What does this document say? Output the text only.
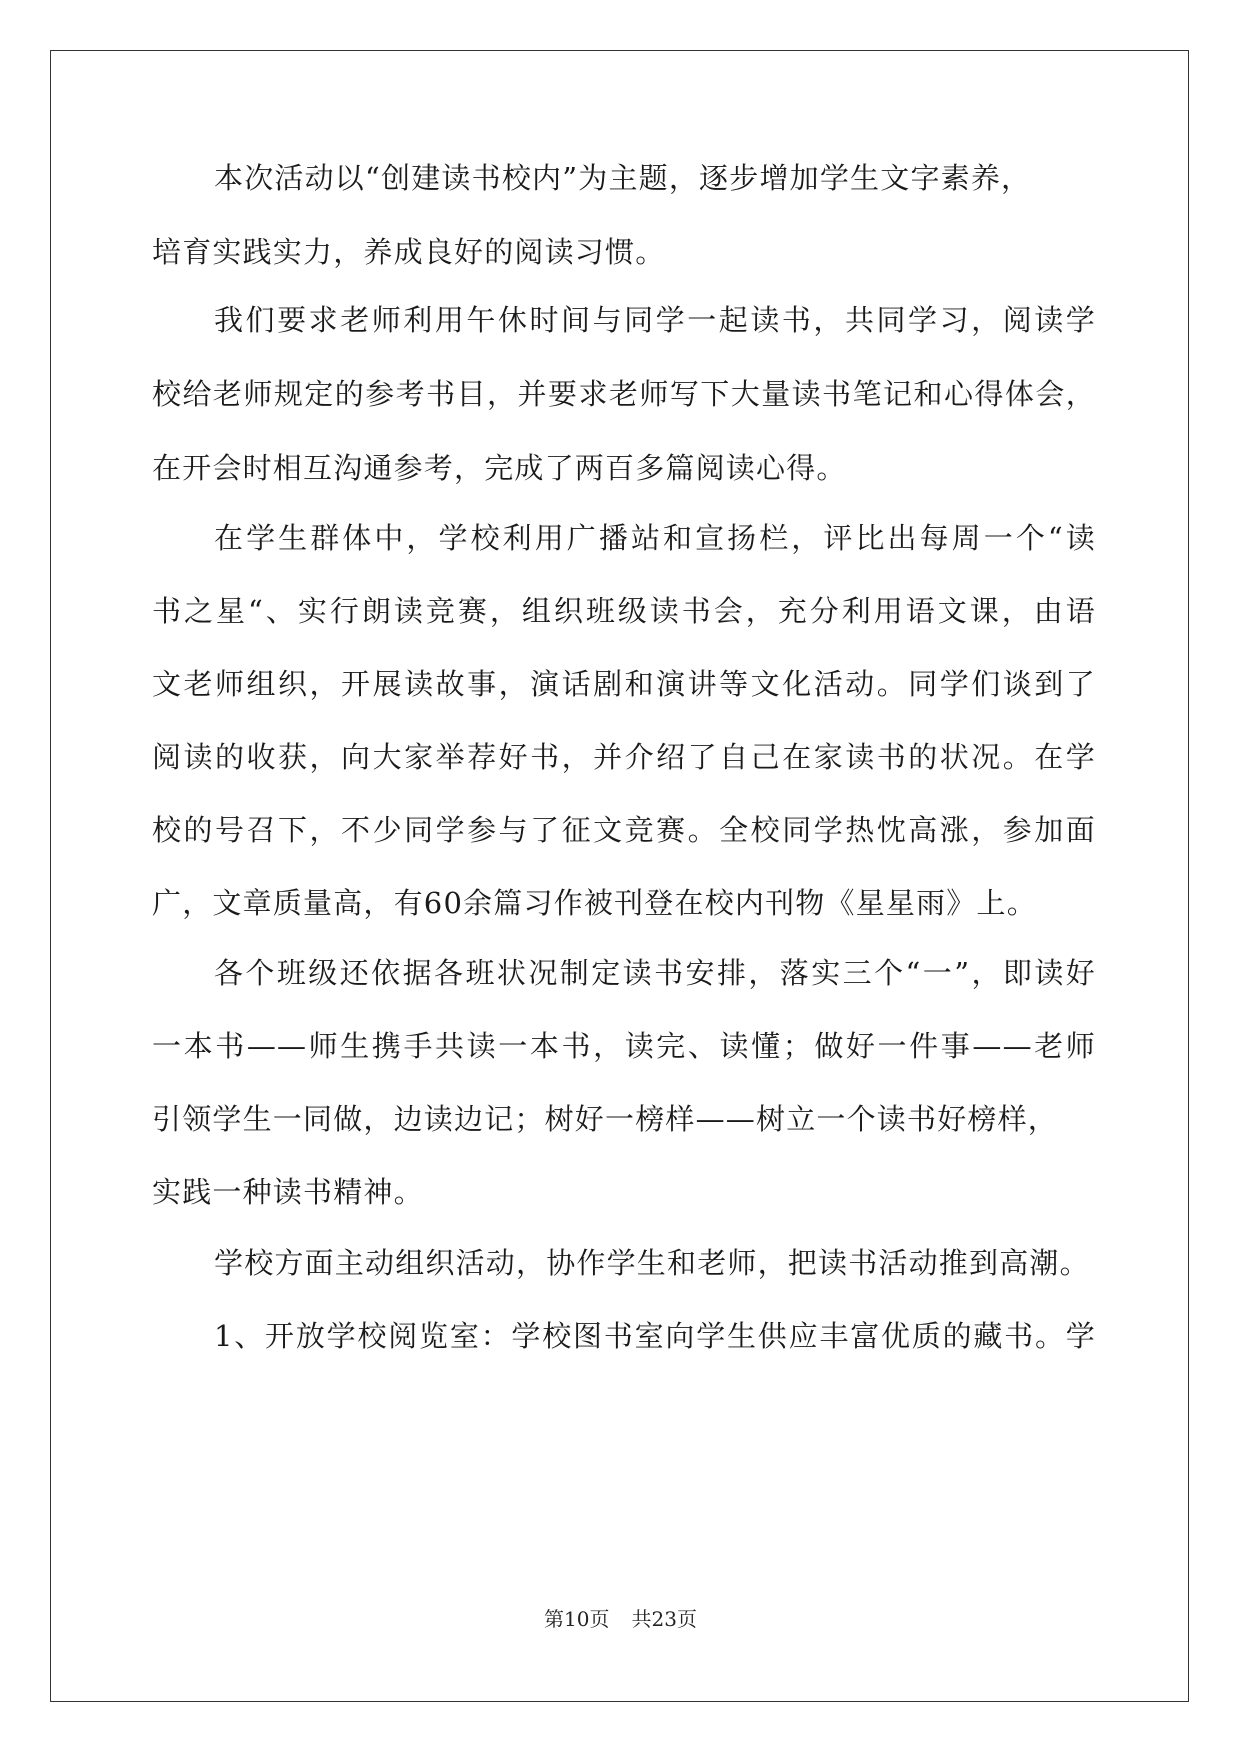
本次活动以“创建读书校内”为主题，逐步增加学生文字素养，
培育实践实力，养成良好的阅读习惯。
我们要求老师利用午休时间与同学一起读书，共同学习，阅读学
校给老师规定的参考书目，并要求老师写下大量读书笔记和心得体会，
在开会时相互沟通参考，完成了两百多篇阅读心得。
在学生群体中，学校利用广播站和宣扬栏，评比出每周一个“读
书之星“、实行朗读竞赛，组织班级读书会，充分利用语文课，由语
文老师组织，开展读故事，演话剧和演讲等文化活动。同学们谈到了
阅读的收获，向大家举荐好书，并介绍了自己在家读书的状况。在学
校的号召下，不少同学参与了征文竞赛。全校同学热忱高涨，参加面
广，文章质量高，有60余篇习作被刊登在校内刊物《星星雨》上。
各个班级还依据各班状况制定读书安排，落实三个“一”，即读好
一本书——师生携手共读一本书，读完、读懂；做好一件事——老师
引领学生一同做，边读边记；树好一榜样——树立一个读书好榜样，
实践一种读书精神。
学校方面主动组织活动，协作学生和老师，把读书活动推到高潮。
1、开放学校阅览室：学校图书室向学生供应丰富优质的藏书。学
第10页 共23页
